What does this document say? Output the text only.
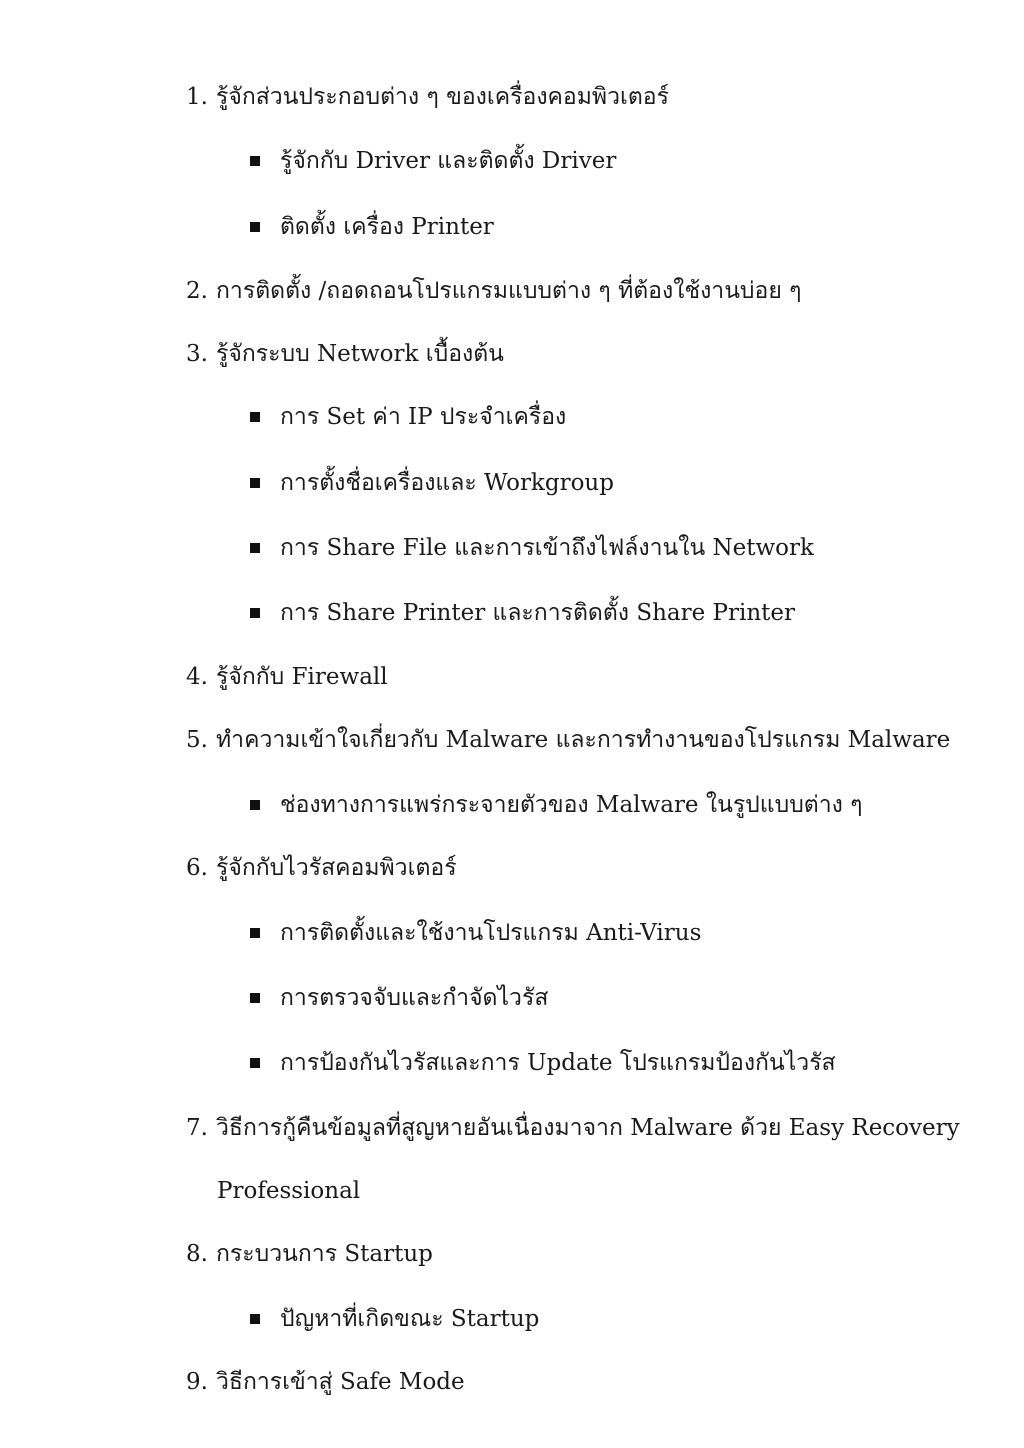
1. รู้จักส่วนประกอบต่าง ๆ ของเครื่องคอมพิวเตอร์
รู้จักกับ Driver และติดตั้ง Driver
ติดตั้ง เครื่อง Printer
2. การติดตั้ง /ถอดถอนโปรแกรมแบบต่าง ๆ ที่ต้องใช้งานบ่อย ๆ
3. รู้จักระบบ Network เบื้องต้น
การ Set ค่า IP ประจำเครื่อง
การตั้งชื่อเครื่องและ Workgroup
การ Share File และการเข้าถึงไฟล์งานใน Network
การ Share Printer และการติดตั้ง Share Printer
4. รู้จักกับ Firewall
5. ทำความเข้าใจเกี่ยวกับ Malware และการทำงานของโปรแกรม Malware
ช่องทางการแพร่กระจายตัวของ Malware ในรูปแบบต่าง ๆ
6. รู้จักกับไวรัสคอมพิวเตอร์
การติดตั้งและใช้งานโปรแกรม Anti-Virus
การตรวจจับและกำจัดไวรัส
การป้องกันไวรัสและการ Update โปรแกรมป้องกันไวรัส
7. วิธีการกู้คืนข้อมูลที่สูญหายอันเนื่องมาจาก Malware ด้วย Easy Recovery
Professional
8. กระบวนการ Startup
ปัญหาที่เกิดขณะ Startup
9. วิธีการเข้าสู่ Safe Mode
